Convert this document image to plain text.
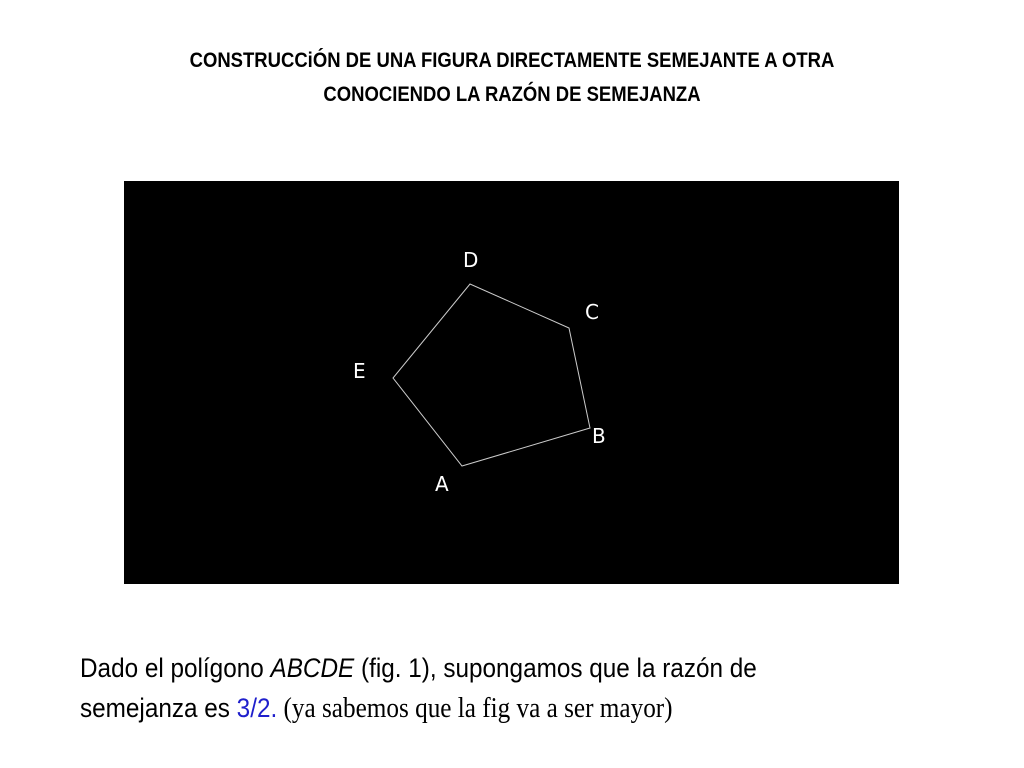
CONSTRUCCiÓN DE UNA FIGURA DIRECTAMENTE SEMEJANTE A OTRA
CONOCIENDO LA RAZÓN DE SEMEJANZA
A
B
C
D
E
Dado el polígono ABCDE (fig. 1), supongamos que la razón de
semejanza es 3/2. (ya sabemos que la fig va a ser mayor)
